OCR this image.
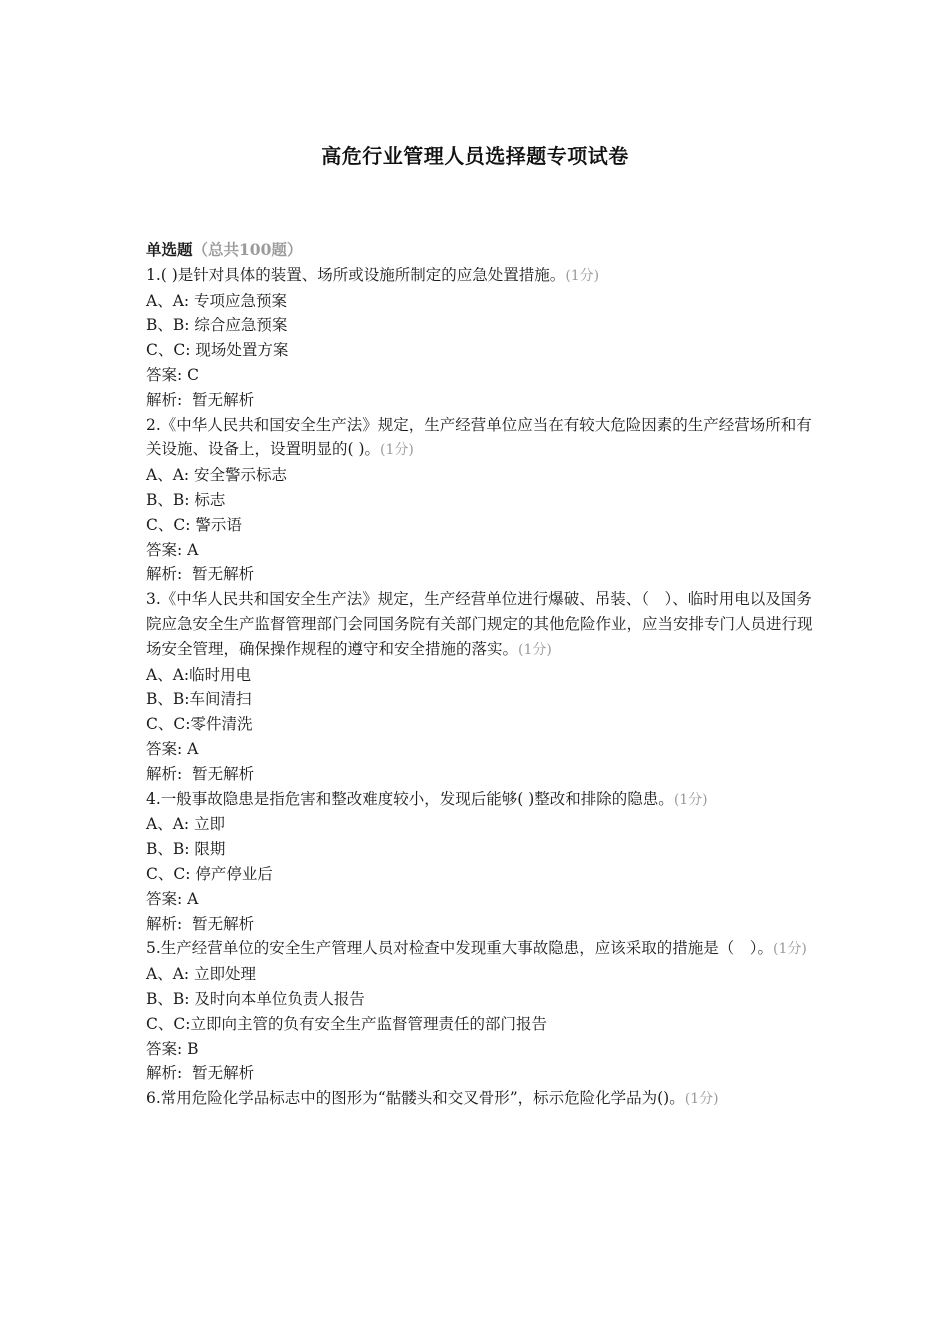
高危行业管理人员选择题专项试卷
单选题（总共100题）
1.( )是针对具体的装置、场所或设施所制定的应急处置措施。(1分)
A、A: 专项应急预案
B、B: 综合应急预案
C、C: 现场处置方案
答案: C
解析:  暂无解析
2.《中华人民共和国安全生产法》规定，生产经营单位应当在有较大危险因素的生产经营场所和有关设施、设备上，设置明显的( )。(1分)
A、A: 安全警示标志
B、B: 标志
C、C: 警示语
答案: A
解析:  暂无解析
3.《中华人民共和国安全生产法》规定，生产经营单位进行爆破、吊装、（　）、临时用电以及国务院应急安全生产监督管理部门会同国务院有关部门规定的其他危险作业，应当安排专门人员进行现场安全管理，确保操作规程的遵守和安全措施的落实。(1分)
A、A:临时用电
B、B:车间清扫
C、C:零件清洗
答案: A
解析:  暂无解析
4.一般事故隐患是指危害和整改难度较小，发现后能够( )整改和排除的隐患。(1分)
A、A: 立即
B、B: 限期
C、C: 停产停业后
答案: A
解析:  暂无解析
5.生产经营单位的安全生产管理人员对检查中发现重大事故隐患，应该采取的措施是（　）。(1分)
A、A: 立即处理
B、B: 及时向本单位负责人报告
C、C:立即向主管的负有安全生产监督管理责任的部门报告
答案: B
解析:  暂无解析
6.常用危险化学品标志中的图形为“骷髅头和交叉骨形”，标示危险化学品为()。(1分)
